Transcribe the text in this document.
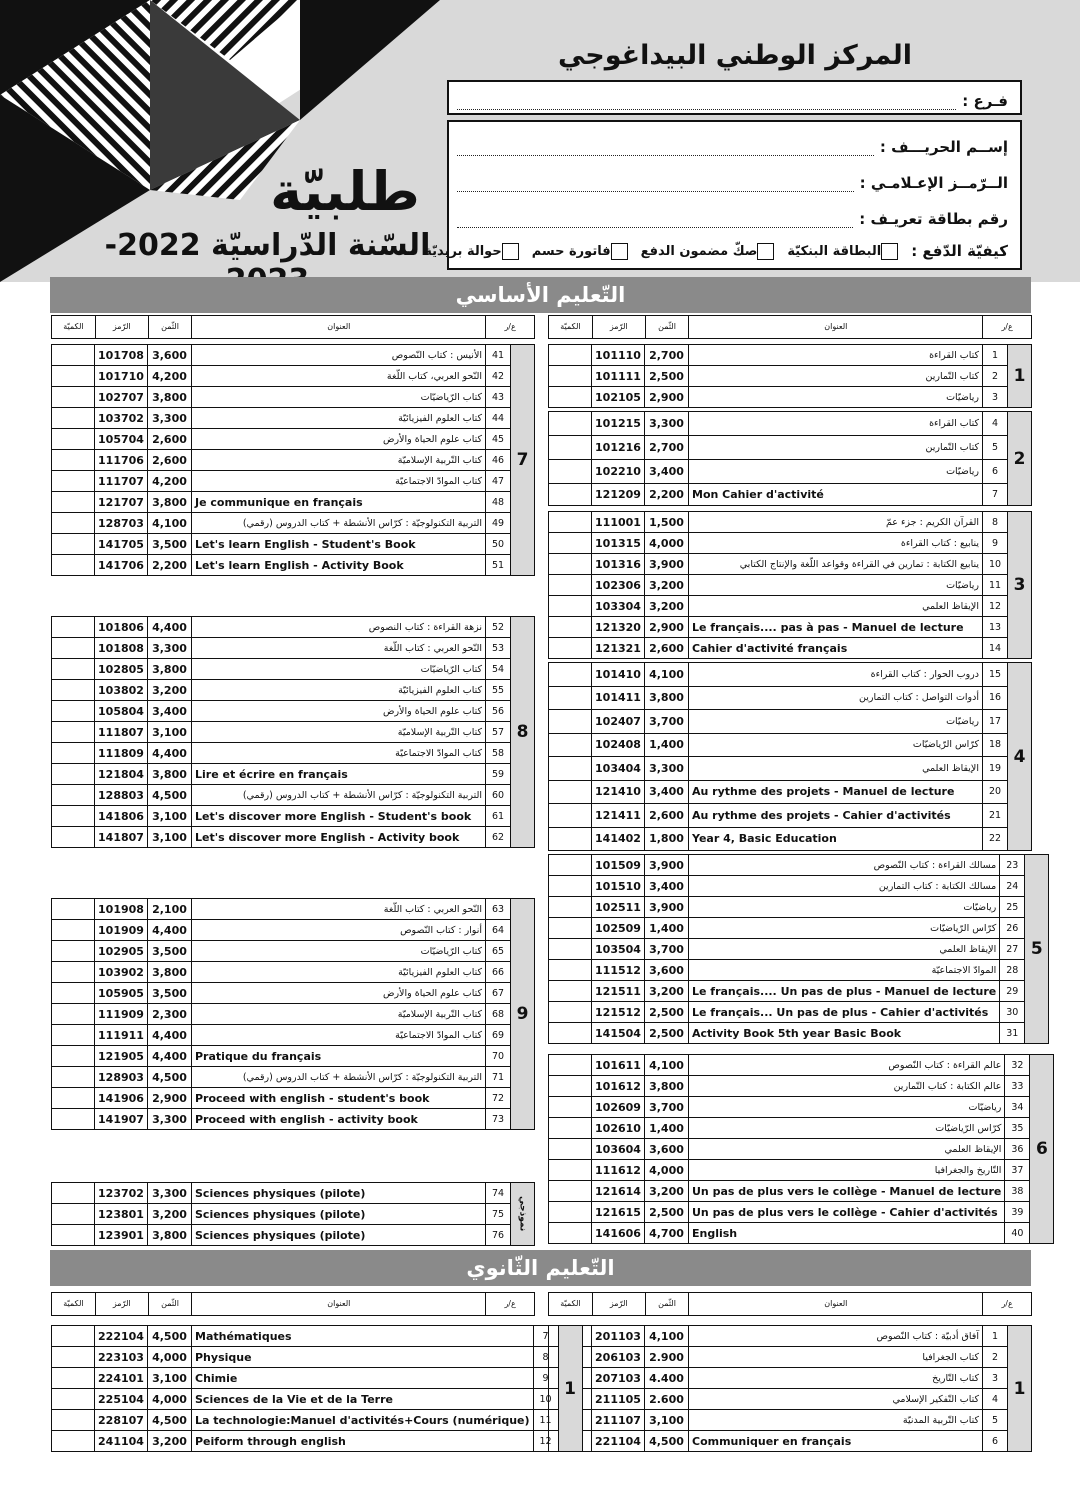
المركز الوطني البيداغوجي
طلبيّة
السّنة الدّراسيّة 2022-
فـرع :
إســم الحريـــف :
الــرّمــز الإعـلامـي :
رقم بطاقة تعريـف :
كيفيّة الدّفع :
البطاقة البنكيّة
صكّ مضمون الدفع
فاتورة حسم
حوالة بريديّة
التّعليم الأساسي
التّعليم الثّانوي
الكميّة	الرّمز	الثّمن	العنوان	ع/ر
	101110	2,700	كتاب القراءة	1
	101111	2,500	كتاب التّمارين	2
	102105	2,900	رياضيّات	3
1
	101215	3,300	كتاب القراءة	4
	101216	2,700	كتاب التّمارين	5
	102210	3,400	رياضيّات	6
	121209	2,200	Mon Cahier d'activité	7
2
	111001	1,500	القرآن الكريم : جزء عمّ	8
	101315	4,000	ينابيع : كتاب القراءة	9
	101316	3,900	ينابيع الكتابة : تمارين في القراءة وقواعد اللّغة والإنتاج الكتابي	10
	102306	3,200	رياضيّات	11
	103304	3,200	الإيقاظ العلمي	12
	121320	2,900	Le français.... pas à pas - Manuel de lecture	13
	121321	2,600	Cahier d'activité français	14
3
	101410	4,100	دروب الحوار : كتاب القراءة	15
	101411	3,800	أدوات التواصل : كتاب التمارين	16
	102407	3,700	رياضيّات	17
	102408	1,400	كرّاس الرّياضيّات	18
	103404	3,300	الإيقاظ العلمي	19
	121410	3,400	Au rythme des projets - Manuel de lecture	20
	121411	2,600	Au rythme des projets - Cahier d'activités	21
	141402	1,800	Year 4, Basic Education	22
4
	101509	3,900	مسالك القراءة : كتاب النّصوص	23
	101510	3,400	مسالك الكتابة : كتاب التمارين	24
	102511	3,900	رياضيّات	25
	102509	1,400	كرّاس الرّياضيّات	26
	103504	3,700	الإيقاظ العلمي	27
	111512	3,600	الموادّ الاجتماعيّة	28
	121511	3,200	Le français.... Un pas de plus - Manuel de lecture	29
	121512	2,500	Le français... Un pas de plus - Cahier d'activités	30
	141504	2,500	Activity Book 5th year Basic Book	31
5
	101611	4,100	عالم القراءة : كتاب النّصوص	32
	101612	3,800	عالم الكتابة : كتاب التّمارين	33
	102609	3,700	رياضيّات	34
	102610	1,400	كرّاس الرّياضيّات	35
	103604	3,600	الإيقاظ العلمي	36
	111612	4,000	التّاريخ والجغرافيا	37
	121614	3,200	Un pas de plus vers le collège - Manuel de lecture	38
	121615	2,500	Un pas de plus vers le collège - Cahier d'activités	39
	141606	4,700	English	40
6
الكميّة	الرّمز	الثّمن	العنوان	ع/ر
	101708	3,600	الأنيس : كتاب النّصوص	41
	101710	4,200	النّحو العربي، كتاب اللّغة	42
	102707	3,800	كتاب الرّياضيّات	43
	103702	3,300	كتاب العلوم الفيزيائيّة	44
	105704	2,600	كتاب علوم الحياة والأرض	45
	111706	2,600	كتاب التّربية الإسلاميّة	46
	111707	4,200	كتاب الموادّ الاجتماعيّة	47
	121707	3,800	Je communique en français	48
	128703	4,100	التربية التكنولوجيّة : كرّاس الأنشطة + كتاب الدروس (رقمي)	49
	141705	3,500	Let's learn English - Student's Book	50
	141706	2,200	Let's learn English - Activity Book	51
7
	101806	4,400	نزهة القراءة : كتاب النصوص	52
	101808	3,300	النّحو العربي : كتاب اللّغة	53
	102805	3,800	كتاب الرّياضيّات	54
	103802	3,200	كتاب العلوم الفيزيائيّة	55
	105804	3,400	كتاب علوم الحياة والأرض	56
	111807	3,100	كتاب التّربية الإسلاميّة	57
	111809	4,400	كتاب الموادّ الاجتماعيّة	58
	121804	3,800	Lire et écrire en français	59
	128803	4,500	التربية التكنولوجيّة : كرّاس الأنشطة + كتاب الدروس (رقمي)	60
	141806	3,100	Let's discover more English - Student's book	61
	141807	3,100	Let's discover more English - Activity book	62
8
	101908	2,100	النّحو العربي : كتاب اللّغة	63
	101909	4,400	أنوار : كتاب النّصوص	64
	102905	3,500	كتاب الرّياضيّات	65
	103902	3,800	كتاب العلوم الفيزيائيّة	66
	105905	3,500	كتاب علوم الحياة والأرض	67
	111909	2,300	كتاب التّربية الإسلاميّة	68
	111911	4,400	كتاب الموادّ الاجتماعيّة	69
	121905	4,400	Pratique du français	70
	128903	4,500	التربية التكنولوجيّة : كرّاس الأنشطة + كتاب الدروس (رقمي)	71
	141906	2,900	Proceed with english - student's book	72
	141907	3,300	Proceed with english - activity book	73
9
	123702	3,300	Sciences physiques (pilote)	74
	123801	3,200	Sciences physiques (pilote)	75
	123901	3,800	Sciences physiques (pilote)	76
نموذجي
الكميّة	الرّمز	الثّمن	العنوان	ع/ر
	201103	4,100	آفاق أدبيّة : كتاب النّصوص	1
	206103	2.900	كتاب الجغرافيا	2
	207103	4.400	كتاب التّاريخ	3
	211105	2.600	كتاب التّفكير الإسلامي	4
	211107	3,100	كتاب التّربية المدنيّة	5
	221104	4,500	Communiquer en français	6
1
الكميّة	الرّمز	الثّمن	العنوان	ع/ر
	222104	4,500	Mathématiques	7
	223103	4,000	Physique	8
	224101	3,100	Chimie	9
	225104	4,000	Sciences de la Vie et de la Terre	10
	228107	4,500	La technologie:Manuel d'activités+Cours (numérique)	11
	241104	3,200	Peiform through english	12
1
